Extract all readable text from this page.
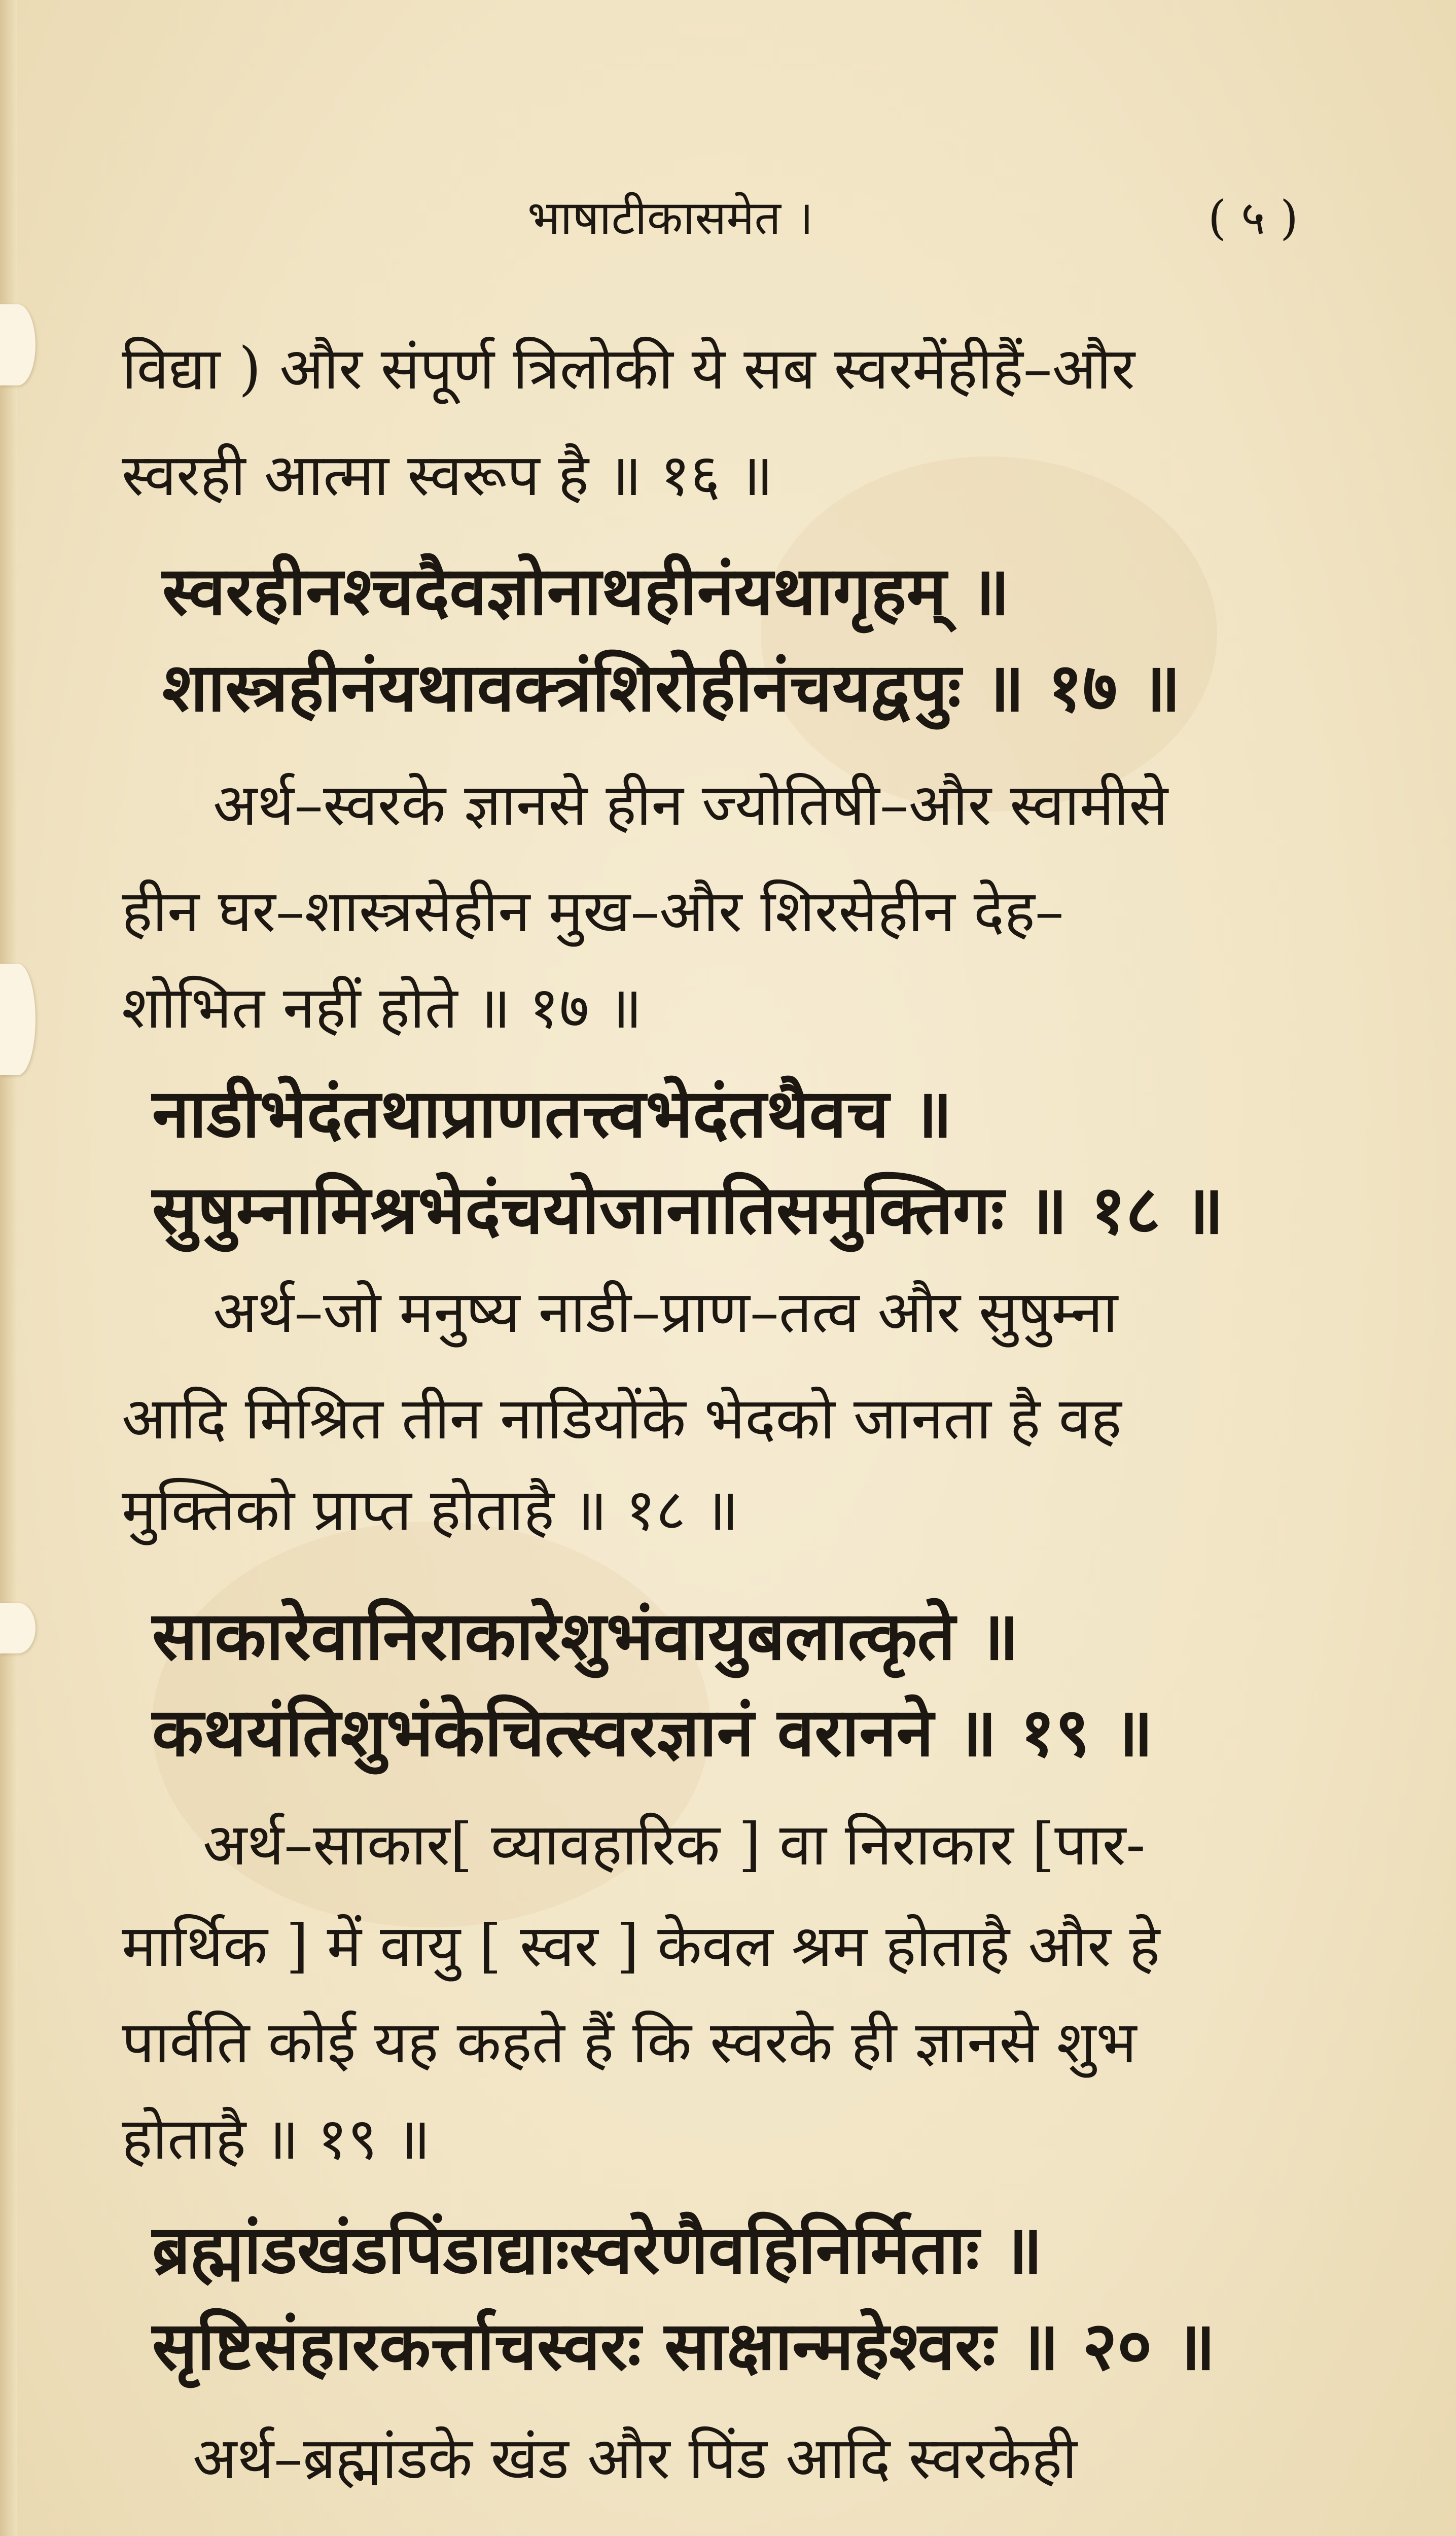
भाषाटीकासमेत ।	( ५ )
विद्या ) और संपूर्ण त्रिलोकी ये सब स्वरमेंहीहैं–और
स्वरही आत्मा स्वरूप है ॥ १६ ॥
स्वरहीनश्चदैवज्ञोनाथहीनंयथागृहम् ॥
शास्त्रहीनंयथावक्त्रंशिरोहीनंचयद्वपुः ॥ १७ ॥
अर्थ–स्वरके ज्ञानसे हीन ज्योतिषी–और स्वामीसे
हीन घर–शास्त्रसेहीन मुख–और शिरसेहीन देह–
शोभित नहीं होते ॥ १७ ॥
नाडीभेदंतथाप्राणतत्त्वभेदंतथैवच ॥
सुषुम्नामिश्रभेदंचयोजानातिसमुक्तिगः ॥ १८ ॥
अर्थ–जो मनुष्य नाडी–प्राण–तत्व और सुषुम्ना
आदि मिश्रित तीन नाडियोंके भेदको जानता है वह
मुक्तिको प्राप्त होताहै ॥ १८ ॥
साकारेवानिराकारेशुभंवायुबलात्कृते ॥
कथयंतिशुभंकेचित्स्वरज्ञानं वरानने ॥ १९ ॥
अर्थ–साकार[ व्यावहारिक ] वा निराकार [पार-
मार्थिक ] में वायु [ स्वर ] केवल श्रम होताहै और हे
पार्वति कोई यह कहते हैं कि स्वरके ही ज्ञानसे शुभ
होताहै ॥ १९ ॥
ब्रह्मांडखंडपिंडाद्याःस्वरेणैवहिनिर्मिताः ॥
सृष्टिसंहारकर्त्ताचस्वरः साक्षान्महेश्वरः ॥ २० ॥
अर्थ–ब्रह्मांडके खंड और पिंड आदि स्वरकेही
